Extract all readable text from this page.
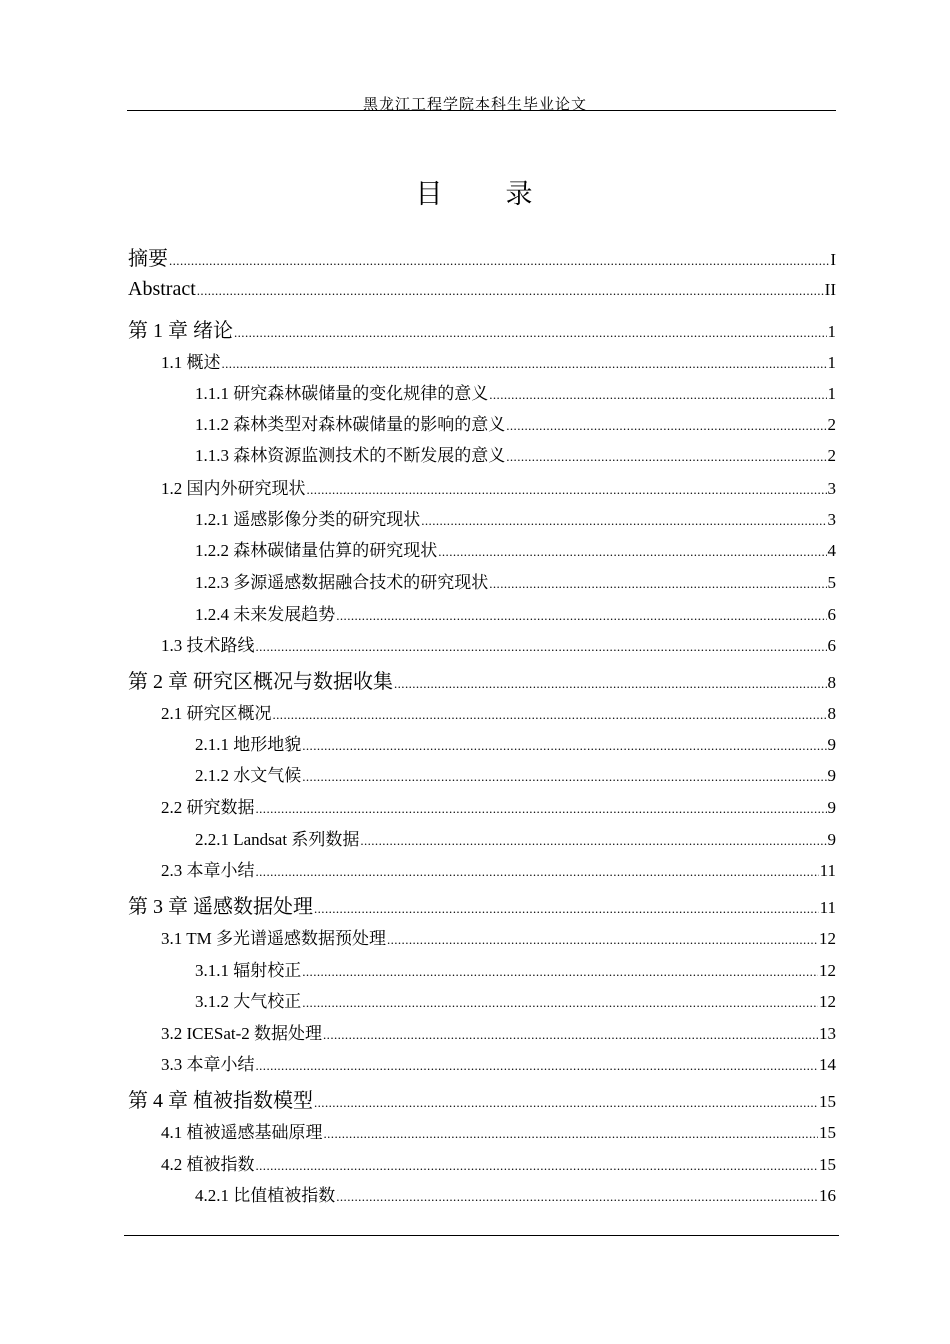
黑龙江工程学院本科生毕业论文
目　录
摘要 .....	I
Abstract .....	II
第 1 章 绪论 .....	1
1.1 概述 .....	1
1.1.1 研究森林碳储量的变化规律的意义 .....	1
1.1.2 森林类型对森林碳储量的影响的意义 .....	2
1.1.3 森林资源监测技术的不断发展的意义 .....	2
1.2 国内外研究现状 .....	3
1.2.1 遥感影像分类的研究现状 .....	3
1.2.2 森林碳储量估算的研究现状 .....	4
1.2.3 多源遥感数据融合技术的研究现状 .....	5
1.2.4 未来发展趋势 .....	6
1.3 技术路线 .....	6
第 2 章 研究区概况与数据收集 .....	8
2.1 研究区概况 .....	8
2.1.1 地形地貌 .....	9
2.1.2 水文气候 .....	9
2.2 研究数据 .....	9
2.2.1 Landsat 系列数据 .....	9
2.3 本章小结 .....	11
第 3 章 遥感数据处理 .....	11
3.1 TM 多光谱遥感数据预处理 .....	12
3.1.1 辐射校正 .....	12
3.1.2 大气校正 .....	12
3.2 ICESat-2 数据处理 .....	13
3.3 本章小结 .....	14
第 4 章 植被指数模型 .....	15
4.1 植被遥感基础原理 .....	15
4.2 植被指数 .....	15
4.2.1 比值植被指数 .....	16
